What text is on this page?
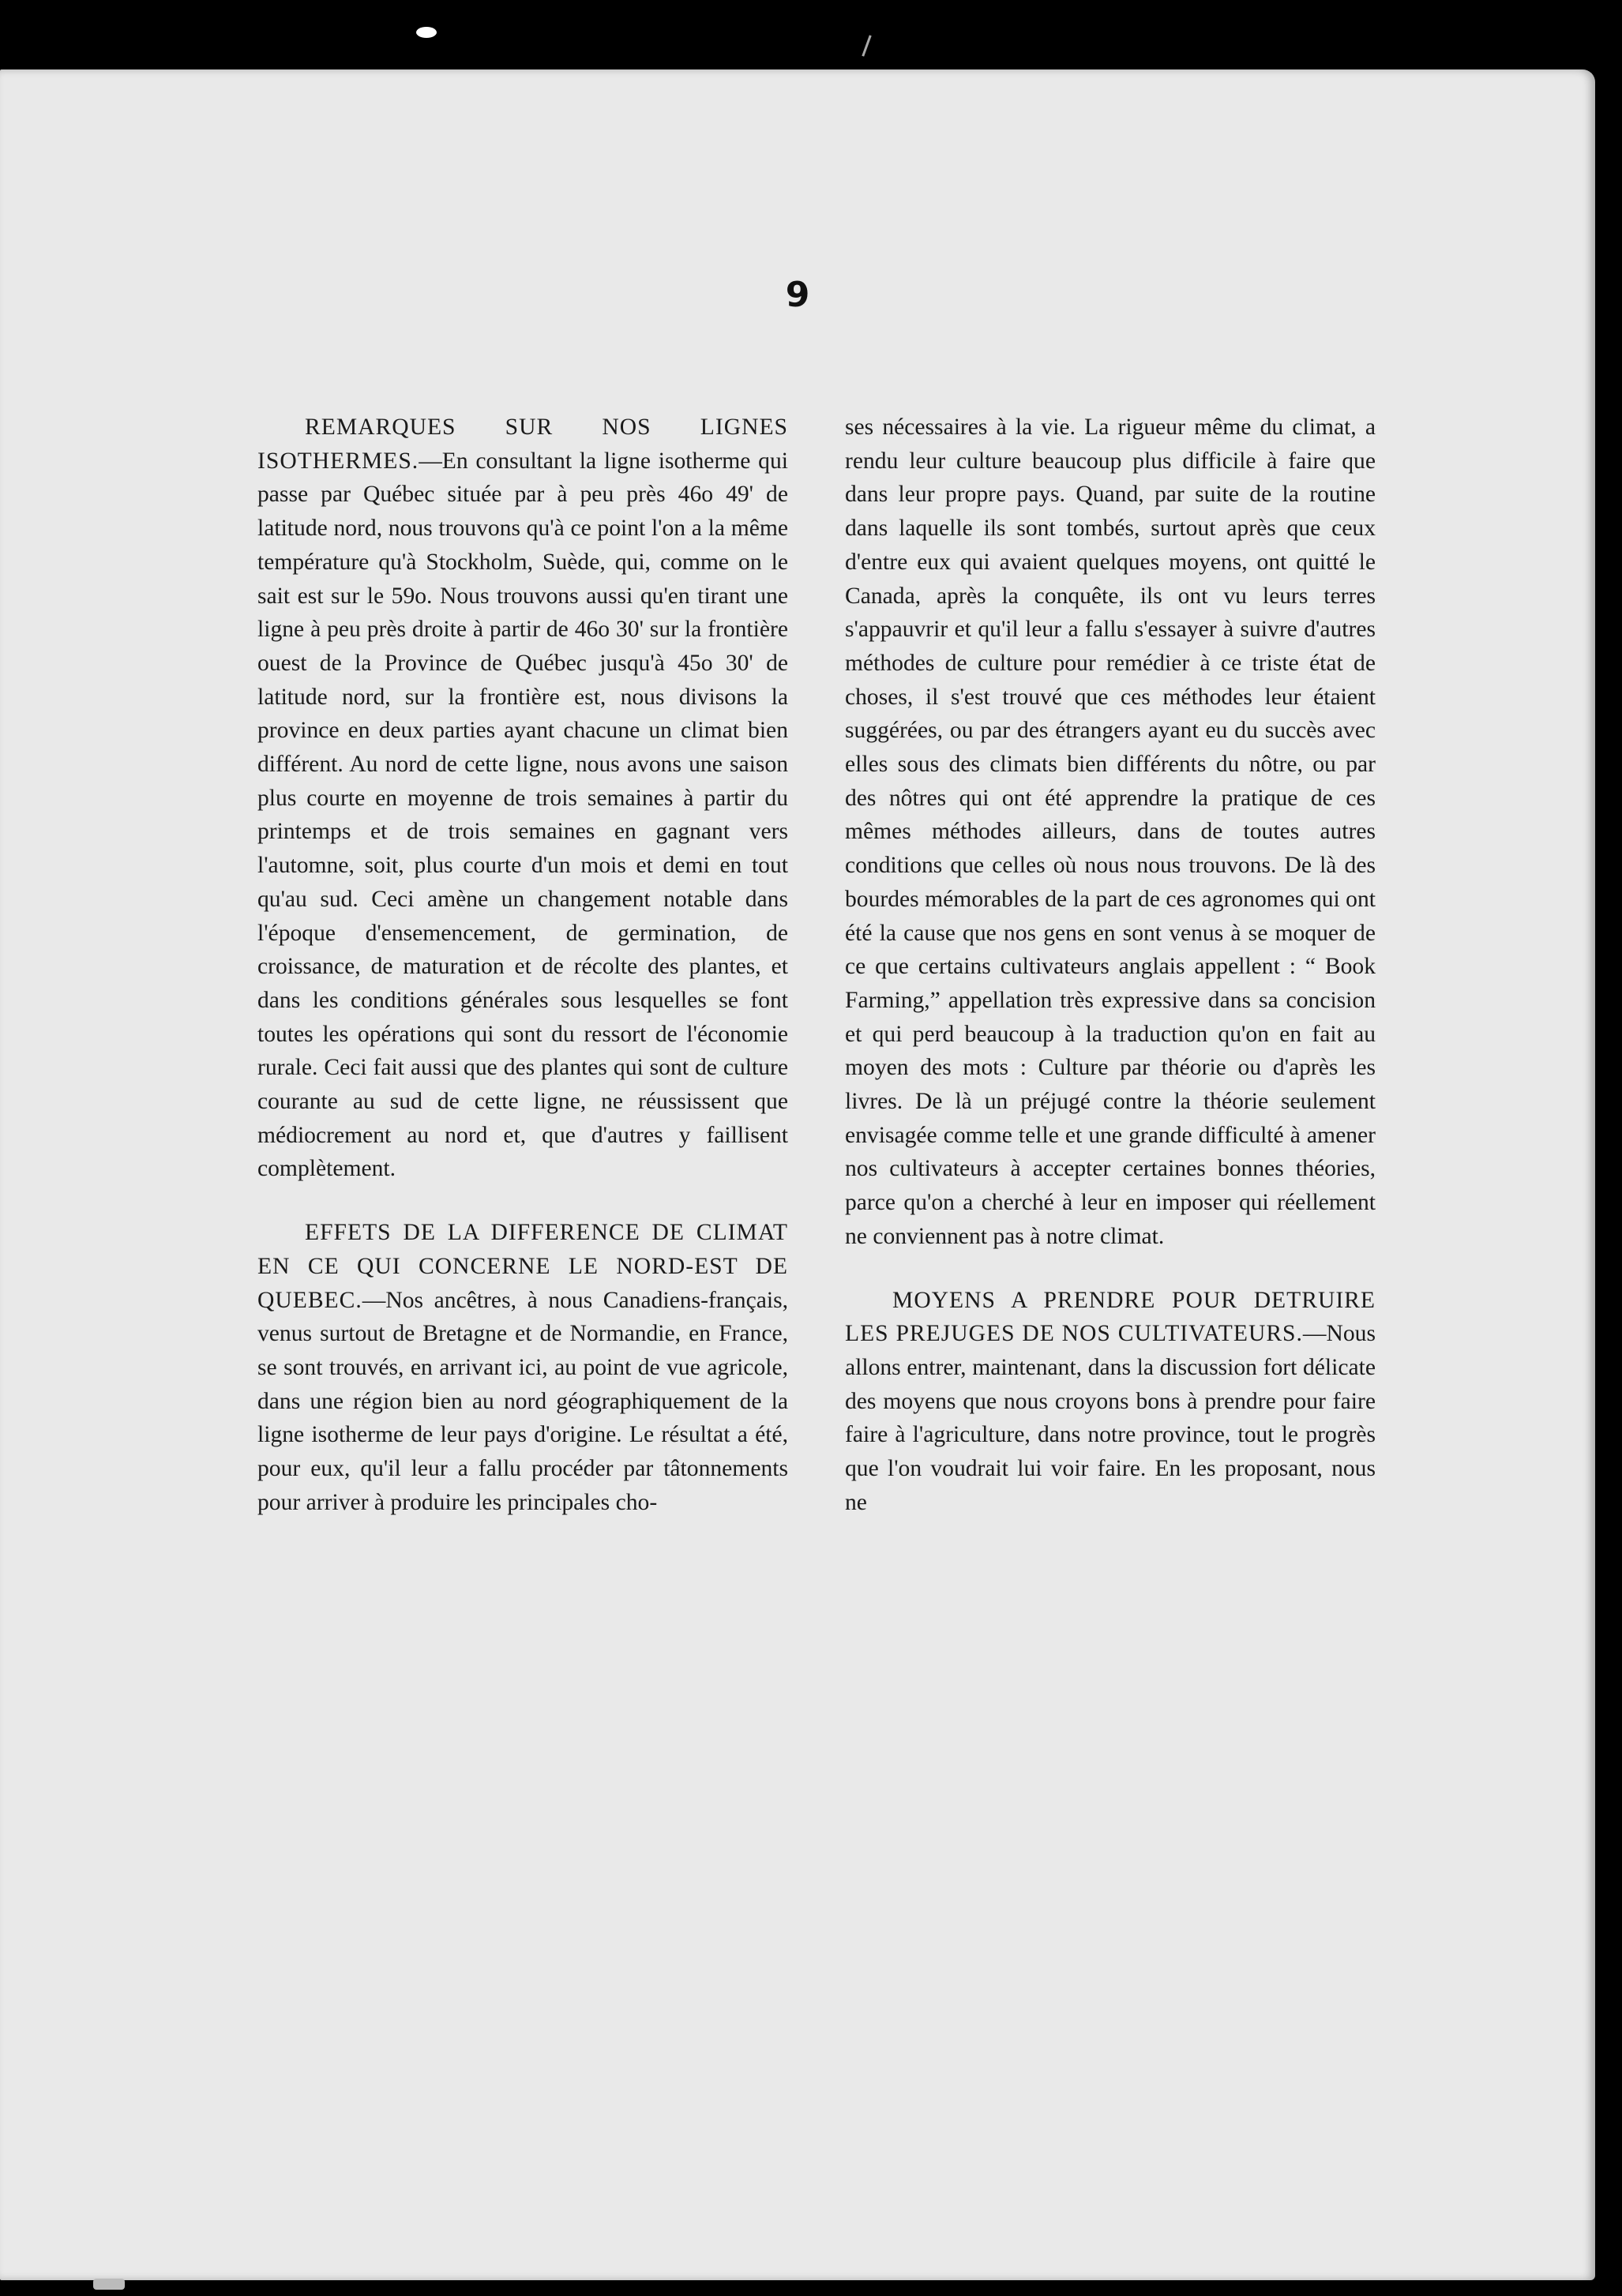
9

REMARQUES SUR NOS LIGNES ISOTHERMES.—En consultant la ligne isotherme qui passe par Québec située par à peu près 46o 49' de latitude nord, nous trouvons qu'à ce point l'on a la même température qu'à Stockholm, Suède, qui, comme on le sait est sur le 59o. Nous trouvons aussi qu'en tirant une ligne à peu près droite à partir de 46o 30' sur la frontière ouest de la Province de Québec jusqu'à 45o 30' de latitude nord, sur la frontière est, nous divisons la province en deux parties ayant chacune un climat bien différent. Au nord de cette ligne, nous avons une saison plus courte en moyenne de trois semaines à partir du printemps et de trois semaines en gagnant vers l'automne, soit, plus courte d'un mois et demi en tout qu'au sud. Ceci amène un changement notable dans l'époque d'ensemencement, de germination, de croissance, de maturation et de récolte des plantes, et dans les conditions générales sous lesquelles se font toutes les opérations qui sont du ressort de l'économie rurale. Ceci fait aussi que des plantes qui sont de culture courante au sud de cette ligne, ne réussissent que médiocrement au nord et, que d'autres y faillisent complètement.

EFFETS DE LA DIFFERENCE DE CLIMAT EN CE QUI CONCERNE LE NORD-EST DE QUEBEC.—Nos ancêtres, à nous Canadiens-français, venus surtout de Bretagne et de Normandie, en France, se sont trouvés, en arrivant ici, au point de vue agricole, dans une région bien au nord géographiquement de la ligne isotherme de leur pays d'origine. Le résultat a été, pour eux, qu'il leur a fallu procéder par tâtonnements pour arriver à produire les principales cho-

ses nécessaires à la vie. La rigueur même du climat, a rendu leur culture beaucoup plus difficile à faire que dans leur propre pays. Quand, par suite de la routine dans laquelle ils sont tombés, surtout après que ceux d'entre eux qui avaient quelques moyens, ont quitté le Canada, après la conquête, ils ont vu leurs terres s'appauvrir et qu'il leur a fallu s'essayer à suivre d'autres méthodes de culture pour remédier à ce triste état de choses, il s'est trouvé que ces méthodes leur étaient suggérées, ou par des étrangers ayant eu du succès avec elles sous des climats bien différents du nôtre, ou par des nôtres qui ont été apprendre la pratique de ces mêmes méthodes ailleurs, dans de toutes autres conditions que celles où nous nous trouvons. De là des bourdes mémorables de la part de ces agronomes qui ont été la cause que nos gens en sont venus à se moquer de ce que certains cultivateurs anglais appellent : “ Book Farming,” appellation très expressive dans sa concision et qui perd beaucoup à la traduction qu'on en fait au moyen des mots : Culture par théorie ou d'après les livres. De là un préjugé contre la théorie seulement envisagée comme telle et une grande difficulté à amener nos cultivateurs à accepter certaines bonnes théories, parce qu'on a cherché à leur en imposer qui réellement ne conviennent pas à notre climat.

MOYENS A PRENDRE POUR DETRUIRE LES PREJUGES DE NOS CULTIVATEURS.—Nous allons entrer, maintenant, dans la discussion fort délicate des moyens que nous croyons bons à prendre pour faire faire à l'agriculture, dans notre province, tout le progrès que l'on voudrait lui voir faire. En les proposant, nous ne
